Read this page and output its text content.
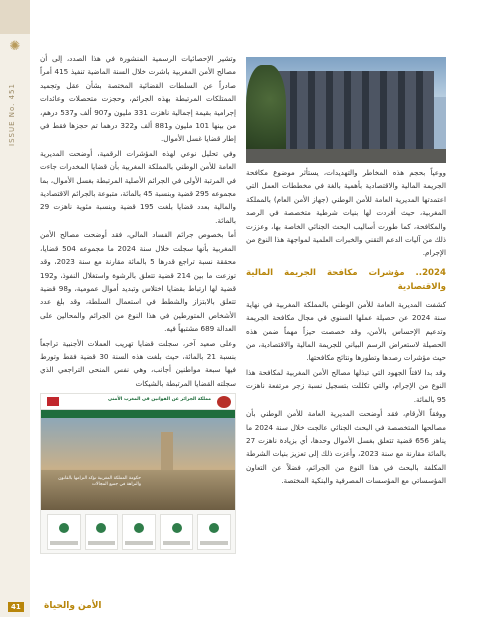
✺
ISSUE No. 451

وتشير الإحصائيات الرسمية المنشورة في هذا الصدد، إلى أن مصالح الأمن المغربية باشرت خلال السنة الماضية تنفيذ 415 أمراً صادراً عن السلطات القضائية المختصة بشأن عقل وتجميد الممتلكات المرتبطة بهذه الجرائم، وحجزت متحصلات وعائدات إجرامية بقيمة إجمالية ناهزت 331 مليون و907 ألف و537 درهم، من بينها 101 مليون و881 ألف و322 درهما تم حجزها فقط في إطار قضايا غسل الأموال.

وفي تحليل نوعي لهذه المؤشرات الرقمية، أوضحت المديرية العامة للأمن الوطني بالمملكة المغربية بأن قضايا المخدرات جاءت في المرتبة الأولى في الجرائم الأصلية المرتبطة بغسل الأموال، بما مجموعه 295 قضية وبنسبة 45 بالمائة، متبوعة بالجرائم الاقتصادية والمالية بعدد قضايا بلغت 195 قضية وبنسبة مئوية ناهزت 29 بالمائة.

أما بخصوص جرائم الفساد المالي، فقد أوضحت مصالح الأمن المغربية بأنها سجلت خلال سنة 2024 ما مجموعه 504 قضايا، محققة نسبة تراجع قدرها 5 بالمائة مقارنة مع سنة 2023، وقد توزعت ما بين 214 قضية تتعلق بالرشوة واستغلال النفوذ، و192 قضية لها ارتباط بقضايا اختلاس وتبديد أموال عمومية، و98 قضية تتعلق بالابتزاز والشطط في استعمال السلطة، وقد بلغ عدد الأشخاص المتورطين في هذا النوع من الجرائم والمحالين على العدالة 689 مشتبهاً فيه.

وعلى صعيد آخر، سجلت قضايا تهريب العملات الأجنبية تراجعاً بنسبة 21 بالمائة، حيث بلغت هذه السنة 30 قضية فقط وتورط فيها سبعة مواطنين أجانب، وهي نفس المنحى التراجعي الذي سجلته القضايا المرتبطة بالشيكات

ووعياً بحجم هذه المخاطر والتهديدات، يستأثر موضوع مكافحة الجريمة المالية والاقتصادية بأهمية بالغة في مخططات العمل التي اعتمدتها المديرية العامة للأمن الوطني (جهاز الأمن العام) بالمملكة المغربية، حيث أفردت لها بنيات شرطية متخصصة في الرصد والمكافحة، كما طورت أساليب البحث الجنائي الخاصة بها، وعززت ذلك من آليات الدعم التقني والخبرات العلمية لمواجهة هذا النوع من الإجرام.

2024.. مؤشرات مكافحة الجريمة المالية والاقتصادية

كشفت المديرية العامة للأمن الوطني بالمملكة المغربية في نهاية سنة 2024 عن حصيلة عملها السنوي في مجال مكافحة الجريمة وتدعيم الإحساس بالأمن، وقد خصصت حيزاً مهماً ضمن هذه الحصيلة لاستعراض الرسم البياني للجريمة المالية والاقتصادية، من حيث مؤشرات رصدها وتطورها ونتائج مكافحتها.

وقد بدا لافتاً الجهود التي تبذلها مصالح الأمن المغربية لمكافحة هذا النوع من الإجرام، والتي تكللت بتسجيل نسبة زجر مرتفعة ناهزت 95 بالمائة.

ووفقاً الأرقام، فقد أوضحت المديرية العامة للأمن الوطني بأن مصالحها المتخصصة في البحث الجنائي عالجت خلال سنة 2024 ما يناهز 656 قضية تتعلق بغسل الأموال وحدها، أي بزيادة ناهزت 27 بالمائة مقارنة مع سنة 2023، وأعزت ذلك إلى تعزيز بنيات الشرطة المكلفة بالبحث في هذا النوع من الجرائم، فضلاً عن التعاون المؤسساتي مع المؤسسات المصرفية والبنكية المختصة.

مملكة الجزائر عن القوانين في المغرب الأمني
حكومة المملكة المغربية تؤكد التزامها بالقانون والنزاهة في جميع المجالات
41	الأمن والحياة
